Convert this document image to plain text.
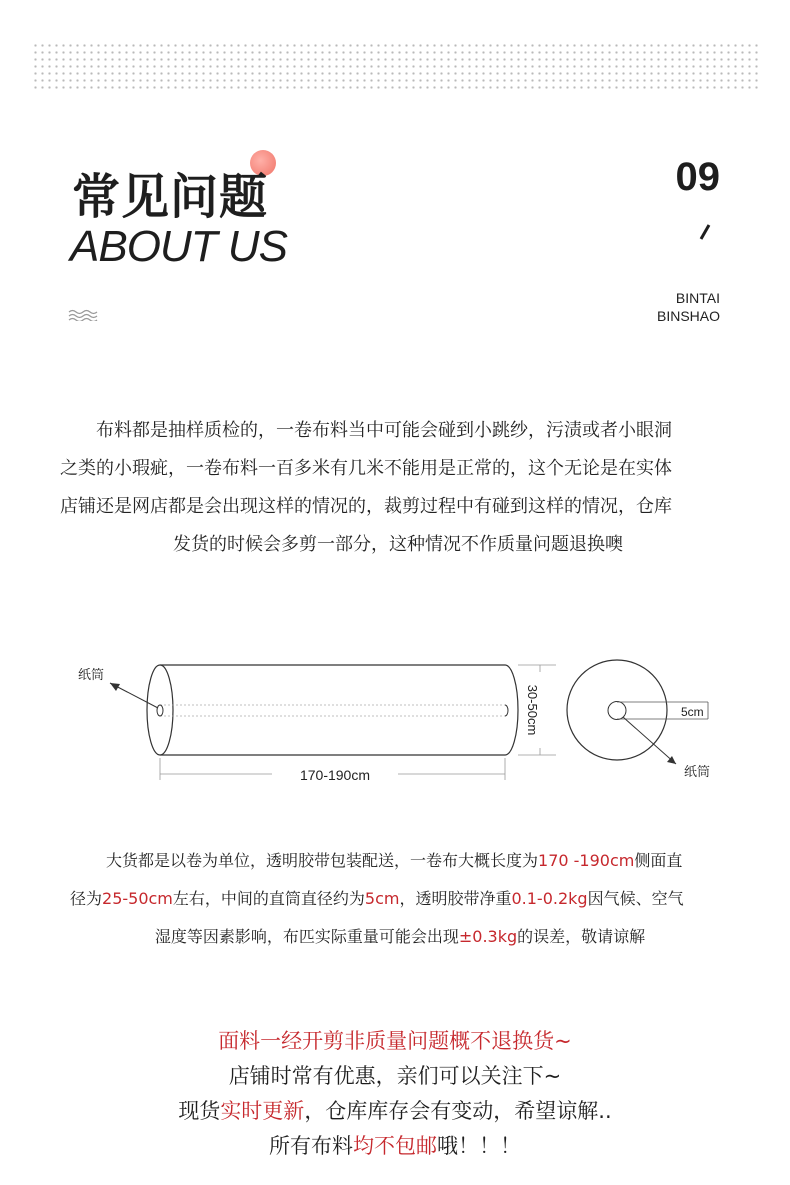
常见问题
ABOUT US
09
BINTAI
BINSHAO
布料都是抽样质检的，一卷布料当中可能会碰到小跳纱，污渍或者小眼洞
之类的小瑕疵，一卷布料一百多米有几米不能用是正常的，这个无论是在实体
店铺还是网店都是会出现这样的情况的，裁剪过程中有碰到这样的情况，仓库
发货的时候会多剪一部分，这种情况不作质量问题退换噢
纸筒
170-190cm
30-50cm	5cm
纸筒
大货都是以卷为单位，透明胶带包装配送，一卷布大概长度为170 -190cm侧面直
径为25-50cm左右，中间的直筒直径约为5cm，透明胶带净重0.1-0.2kg因气候、空气
湿度等因素影响，布匹实际重量可能会出现±0.3kg的误差，敬请谅解
面料一经开剪非质量问题概不退换货~
店铺时常有优惠，亲们可以关注下~
现货实时更新，仓库库存会有变动，希望谅解..
所有布料均不包邮哦！！！
